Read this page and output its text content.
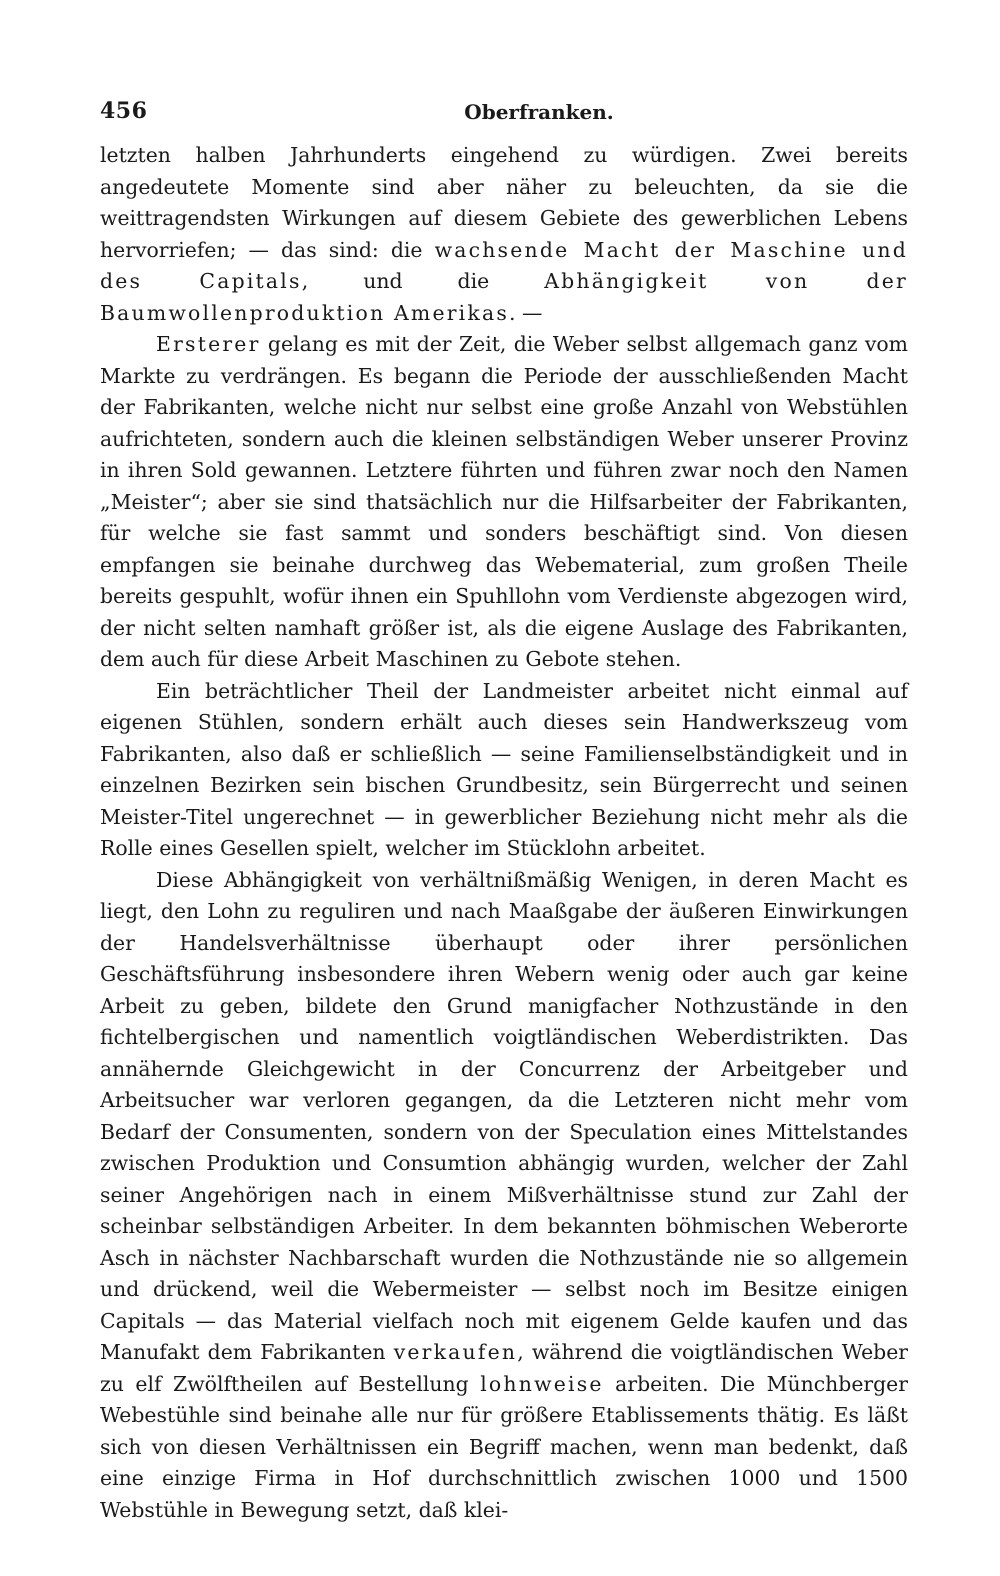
456	Oberfranken.

letzten halben Jahrhunderts eingehend zu würdigen. Zwei bereits angedeutete Momente sind aber näher zu beleuchten, da sie die weittragendsten Wirkungen auf diesem Gebiete des gewerblichen Lebens hervorriefen; — das sind: die wachsende Macht der Maschine und des Capitals, und die Abhängigkeit von der Baumwollenproduktion Amerikas. —

Ersterer gelang es mit der Zeit, die Weber selbst allgemach ganz vom Markte zu verdrängen. Es begann die Periode der ausschließenden Macht der Fabrikanten, welche nicht nur selbst eine große Anzahl von Webstühlen aufrichteten, sondern auch die kleinen selbständigen Weber unserer Provinz in ihren Sold gewannen. Letztere führten und führen zwar noch den Namen „Meister“; aber sie sind thatsächlich nur die Hilfsarbeiter der Fabrikanten, für welche sie fast sammt und sonders beschäftigt sind. Von diesen empfangen sie beinahe durchweg das Webematerial, zum großen Theile bereits gespuhlt, wofür ihnen ein Spuhllohn vom Verdienste abgezogen wird, der nicht selten namhaft größer ist, als die eigene Auslage des Fabrikanten, dem auch für diese Arbeit Maschinen zu Gebote stehen.

Ein beträchtlicher Theil der Landmeister arbeitet nicht einmal auf eigenen Stühlen, sondern erhält auch dieses sein Handwerkszeug vom Fabrikanten, also daß er schließlich — seine Familienselbständigkeit und in einzelnen Bezirken sein bischen Grundbesitz, sein Bürgerrecht und seinen Meister-Titel ungerechnet — in gewerblicher Beziehung nicht mehr als die Rolle eines Gesellen spielt, welcher im Stücklohn arbeitet.

Diese Abhängigkeit von verhältnißmäßig Wenigen, in deren Macht es liegt, den Lohn zu reguliren und nach Maaßgabe der äußeren Einwirkungen der Handelsverhältnisse überhaupt oder ihrer persönlichen Geschäftsführung insbesondere ihren Webern wenig oder auch gar keine Arbeit zu geben, bildete den Grund manigfacher Nothzustände in den fichtelbergischen und namentlich voigtländischen Weberdistrikten. Das annähernde Gleichgewicht in der Concurrenz der Arbeitgeber und Arbeitsucher war verloren gegangen, da die Letzteren nicht mehr vom Bedarf der Consumenten, sondern von der Speculation eines Mittelstandes zwischen Produktion und Consumtion abhängig wurden, welcher der Zahl seiner Angehörigen nach in einem Mißverhältnisse stund zur Zahl der scheinbar selbständigen Arbeiter. In dem bekannten böhmischen Weberorte Asch in nächster Nachbarschaft wurden die Nothzustände nie so allgemein und drückend, weil die Webermeister — selbst noch im Besitze einigen Capitals — das Material vielfach noch mit eigenem Gelde kaufen und das Manufakt dem Fabrikanten verkaufen, während die voigtländischen Weber zu elf Zwölftheilen auf Bestellung lohnweise arbeiten. Die Münchberger Webestühle sind beinahe alle nur für größere Etablissements thätig. Es läßt sich von diesen Verhältnissen ein Begriff machen, wenn man bedenkt, daß eine einzige Firma in Hof durchschnittlich zwischen 1000 und 1500 Webstühle in Bewegung setzt, daß klei-
